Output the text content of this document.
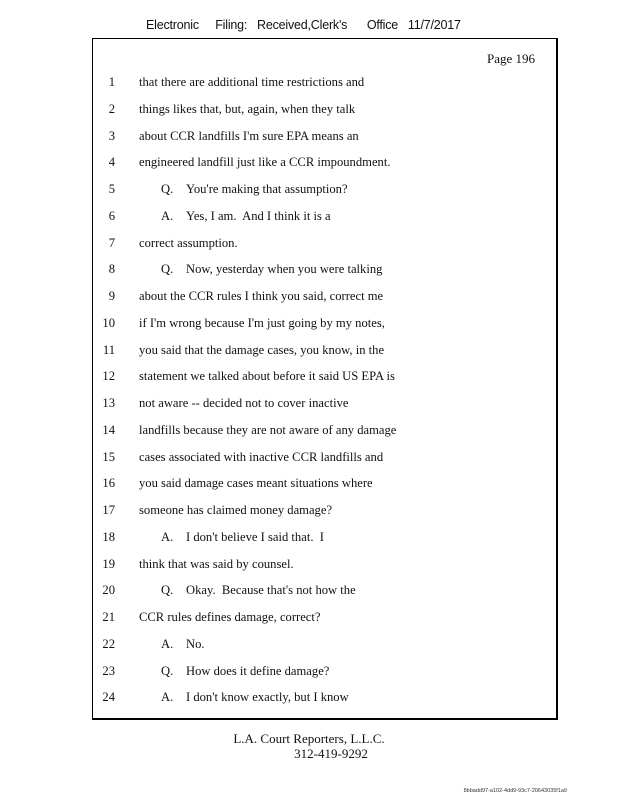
Electronic     Filing:   Received,Clerk's      Office   11/7/2017
Page 196
1 that there are additional time restrictions and
2 things likes that, but, again, when they talk
3 about CCR landfills I'm sure EPA means an
4 engineered landfill just like a CCR impoundment.
5	Q. You're making that assumption?
6	A. Yes, I am.  And I think it is a
7 correct assumption.
8	Q. Now, yesterday when you were talking
9 about the CCR rules I think you said, correct me
10 if I'm wrong because I'm just going by my notes,
11 you said that the damage cases, you know, in the
12 statement we talked about before it said US EPA is
13 not aware -- decided not to cover inactive
14 landfills because they are not aware of any damage
15 cases associated with inactive CCR landfills and
16 you said damage cases meant situations where
17 someone has claimed money damage?
18	A. I don't believe I said that.  I
19 think that was said by counsel.
20	Q. Okay.  Because that's not how the
21 CCR rules defines damage, correct?
22	A. No.
23	Q. How does it define damage?
24	A. I don't know exactly, but I know
L.A. Court Reporters, L.L.C.
312-419-9292
8bbadd97-a102-4dd9-93c7-20643035f1a9
